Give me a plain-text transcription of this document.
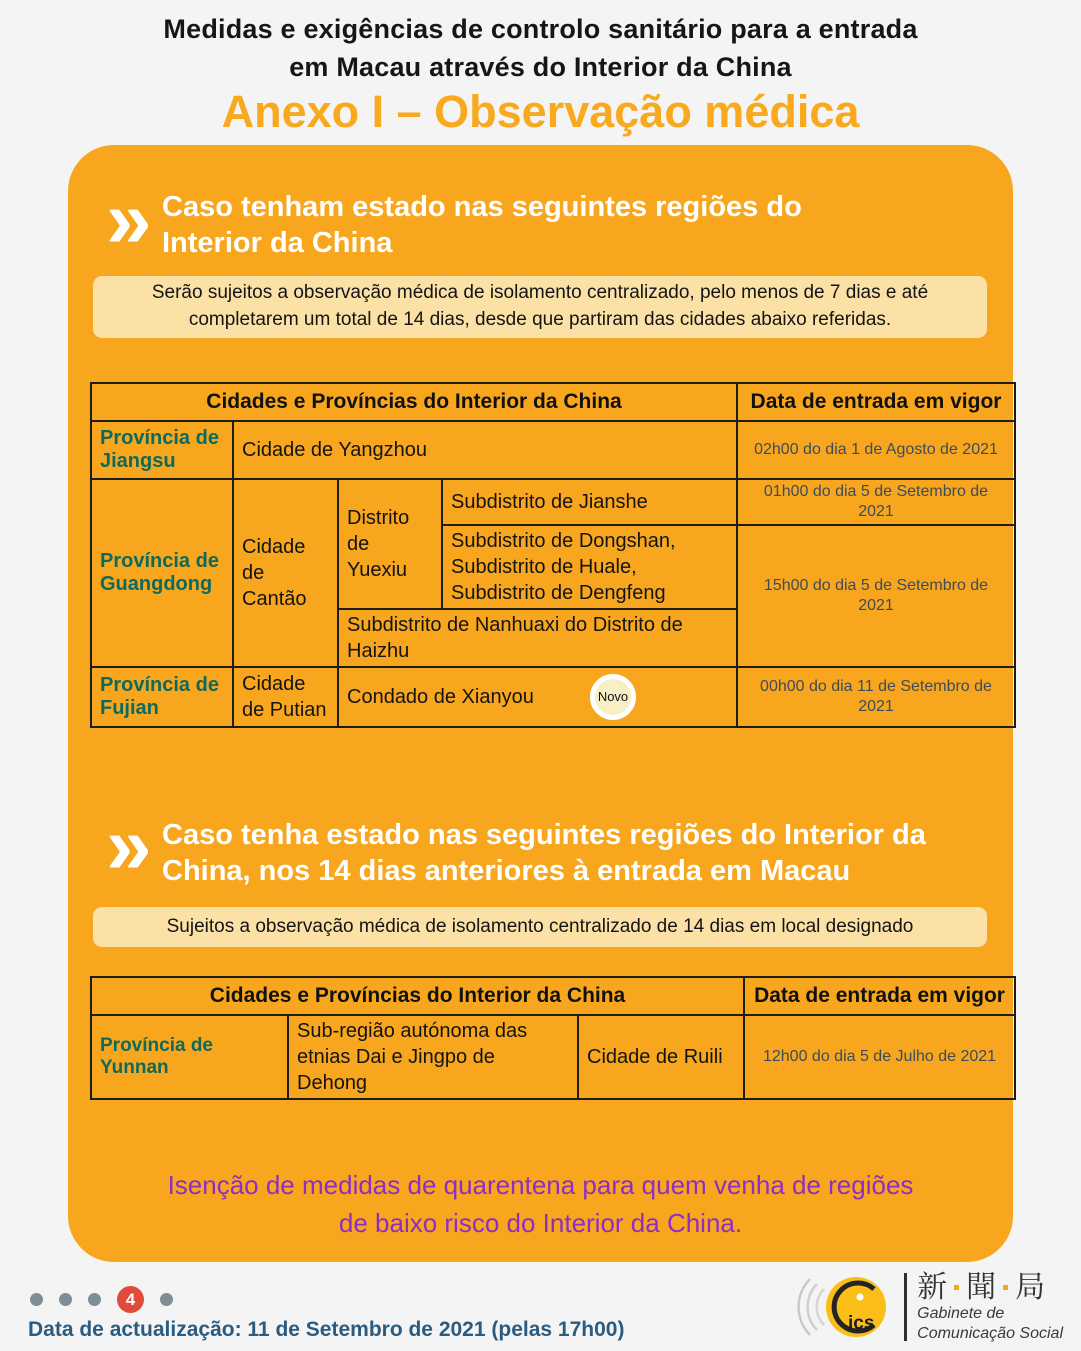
Medidas e exigências de controlo sanitário para a entrada
em Macau através do Interior da China
Anexo I – Observação médica
» Caso tenham estado nas seguintes regiões do Interior da China
Serão sujeitos a observação médica de isolamento centralizado, pelo menos de 7 dias e até completarem um total de 14 dias, desde que partiram das cidades abaixo referidas.
Cidades e Províncias do Interior da China				Data de entrada em vigor
Província de Jiangsu	Cidade de Yangzhou			02h00 do dia 1 de Agosto de 2021
Província de Guangdong	Cidade de Cantão	Distrito de Yuexiu	Subdistrito de Jianshe	01h00 do dia 5 de Setembro de 2021
			Subdistrito de Dongshan, Subdistrito de Huale, Subdistrito de Dengfeng	15h00 do dia 5 de Setembro de 2021
		Subdistrito de Nanhuaxi do Distrito de Haizhu		
Província de Fujian	Cidade de Putian	Condado de Xianyou Novo		00h00 do dia 11 de Setembro de 2021
» Caso tenha estado nas seguintes regiões do Interior da China, nos 14 dias anteriores à entrada em Macau
Sujeitos a observação médica de isolamento centralizado de 14 dias em local designado
Cidades e Províncias do Interior da China			Data de entrada em vigor
Província de Yunnan	Sub-região autónoma das etnias Dai e Jingpo de Dehong	Cidade de Ruili	12h00 do dia 5 de Julho de 2021
Isenção de medidas de quarentena para quem venha de regiões
de baixo risco do Interior da China.
4
Data de actualização: 11 de Setembro de 2021 (pelas 17h00)	ics
新 聞 局
Gabinete de
Comunicação Social
